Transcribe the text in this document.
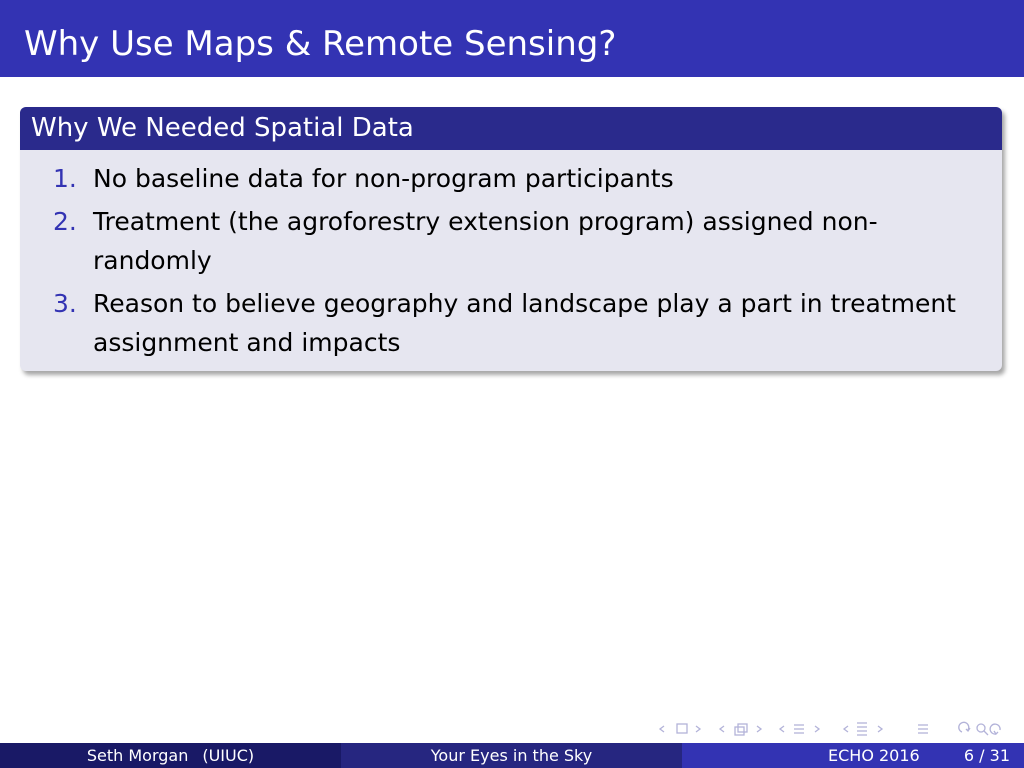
Why Use Maps & Remote Sensing?
Why We Needed Spatial Data
1. No baseline data for non-program participants
2. Treatment (the agroforestry extension program) assigned non-randomly
3. Reason to believe geography and landscape play a part in treatment assignment and impacts
Seth Morgan (UIUC)	Your Eyes in the Sky	ECHO 2016	6 / 31
